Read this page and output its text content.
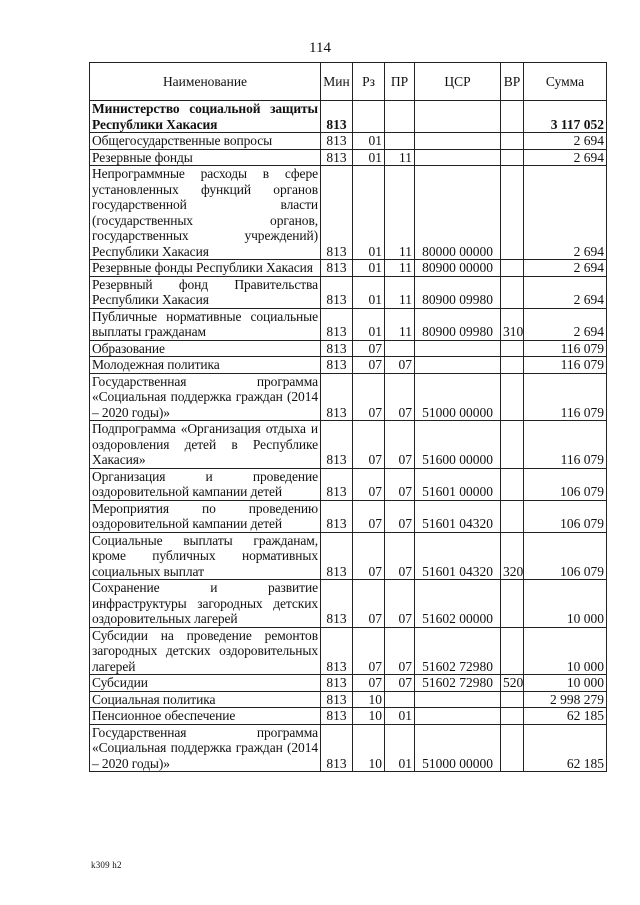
114
Наименование	Мин	Рз	ПР	ЦСР	ВР	Сумма
Министерство социальной защиты Республики Хакасия	813					3 117 052
Общегосударственные вопросы	813	01				2 694
Резервные фонды	813	01	11			2 694
Непрограммные расходы в сфере установленных функций органов государственной власти (государственных органов, государственных учреждений) Республики Хакасия	813	01	11	80000 00000		2 694
Резервные фонды Республики Хакасия	813	01	11	80900 00000		2 694
Резервный фонд Правительства Республики Хакасия	813	01	11	80900 09980		2 694
Публичные нормативные социальные выплаты гражданам	813	01	11	80900 09980	310	2 694
Образование	813	07				116 079
Молодежная политика	813	07	07			116 079
Государственная программа «Социальная поддержка граждан (2014 – 2020 годы)»	813	07	07	51000 00000		116 079
Подпрограмма «Организация отдыха и оздоровления детей в Республике Хакасия»	813	07	07	51600 00000		116 079
Организация и проведение оздоровительной кампании детей	813	07	07	51601 00000		106 079
Мероприятия по проведению оздоровительной кампании детей	813	07	07	51601 04320		106 079
Социальные выплаты гражданам, кроме публичных нормативных социальных выплат	813	07	07	51601 04320	320	106 079
Сохранение и развитие инфраструктуры загородных детских оздоровительных лагерей	813	07	07	51602 00000		10 000
Субсидии на проведение ремонтов загородных детских оздоровительных лагерей	813	07	07	51602 72980		10 000
Субсидии	813	07	07	51602 72980	520	10 000
Социальная политика	813	10				2 998 279
Пенсионное обеспечение	813	10	01			62 185
Государственная программа «Социальная поддержка граждан (2014 – 2020 годы)»	813	10	01	51000 00000		62 185
k309 h2
